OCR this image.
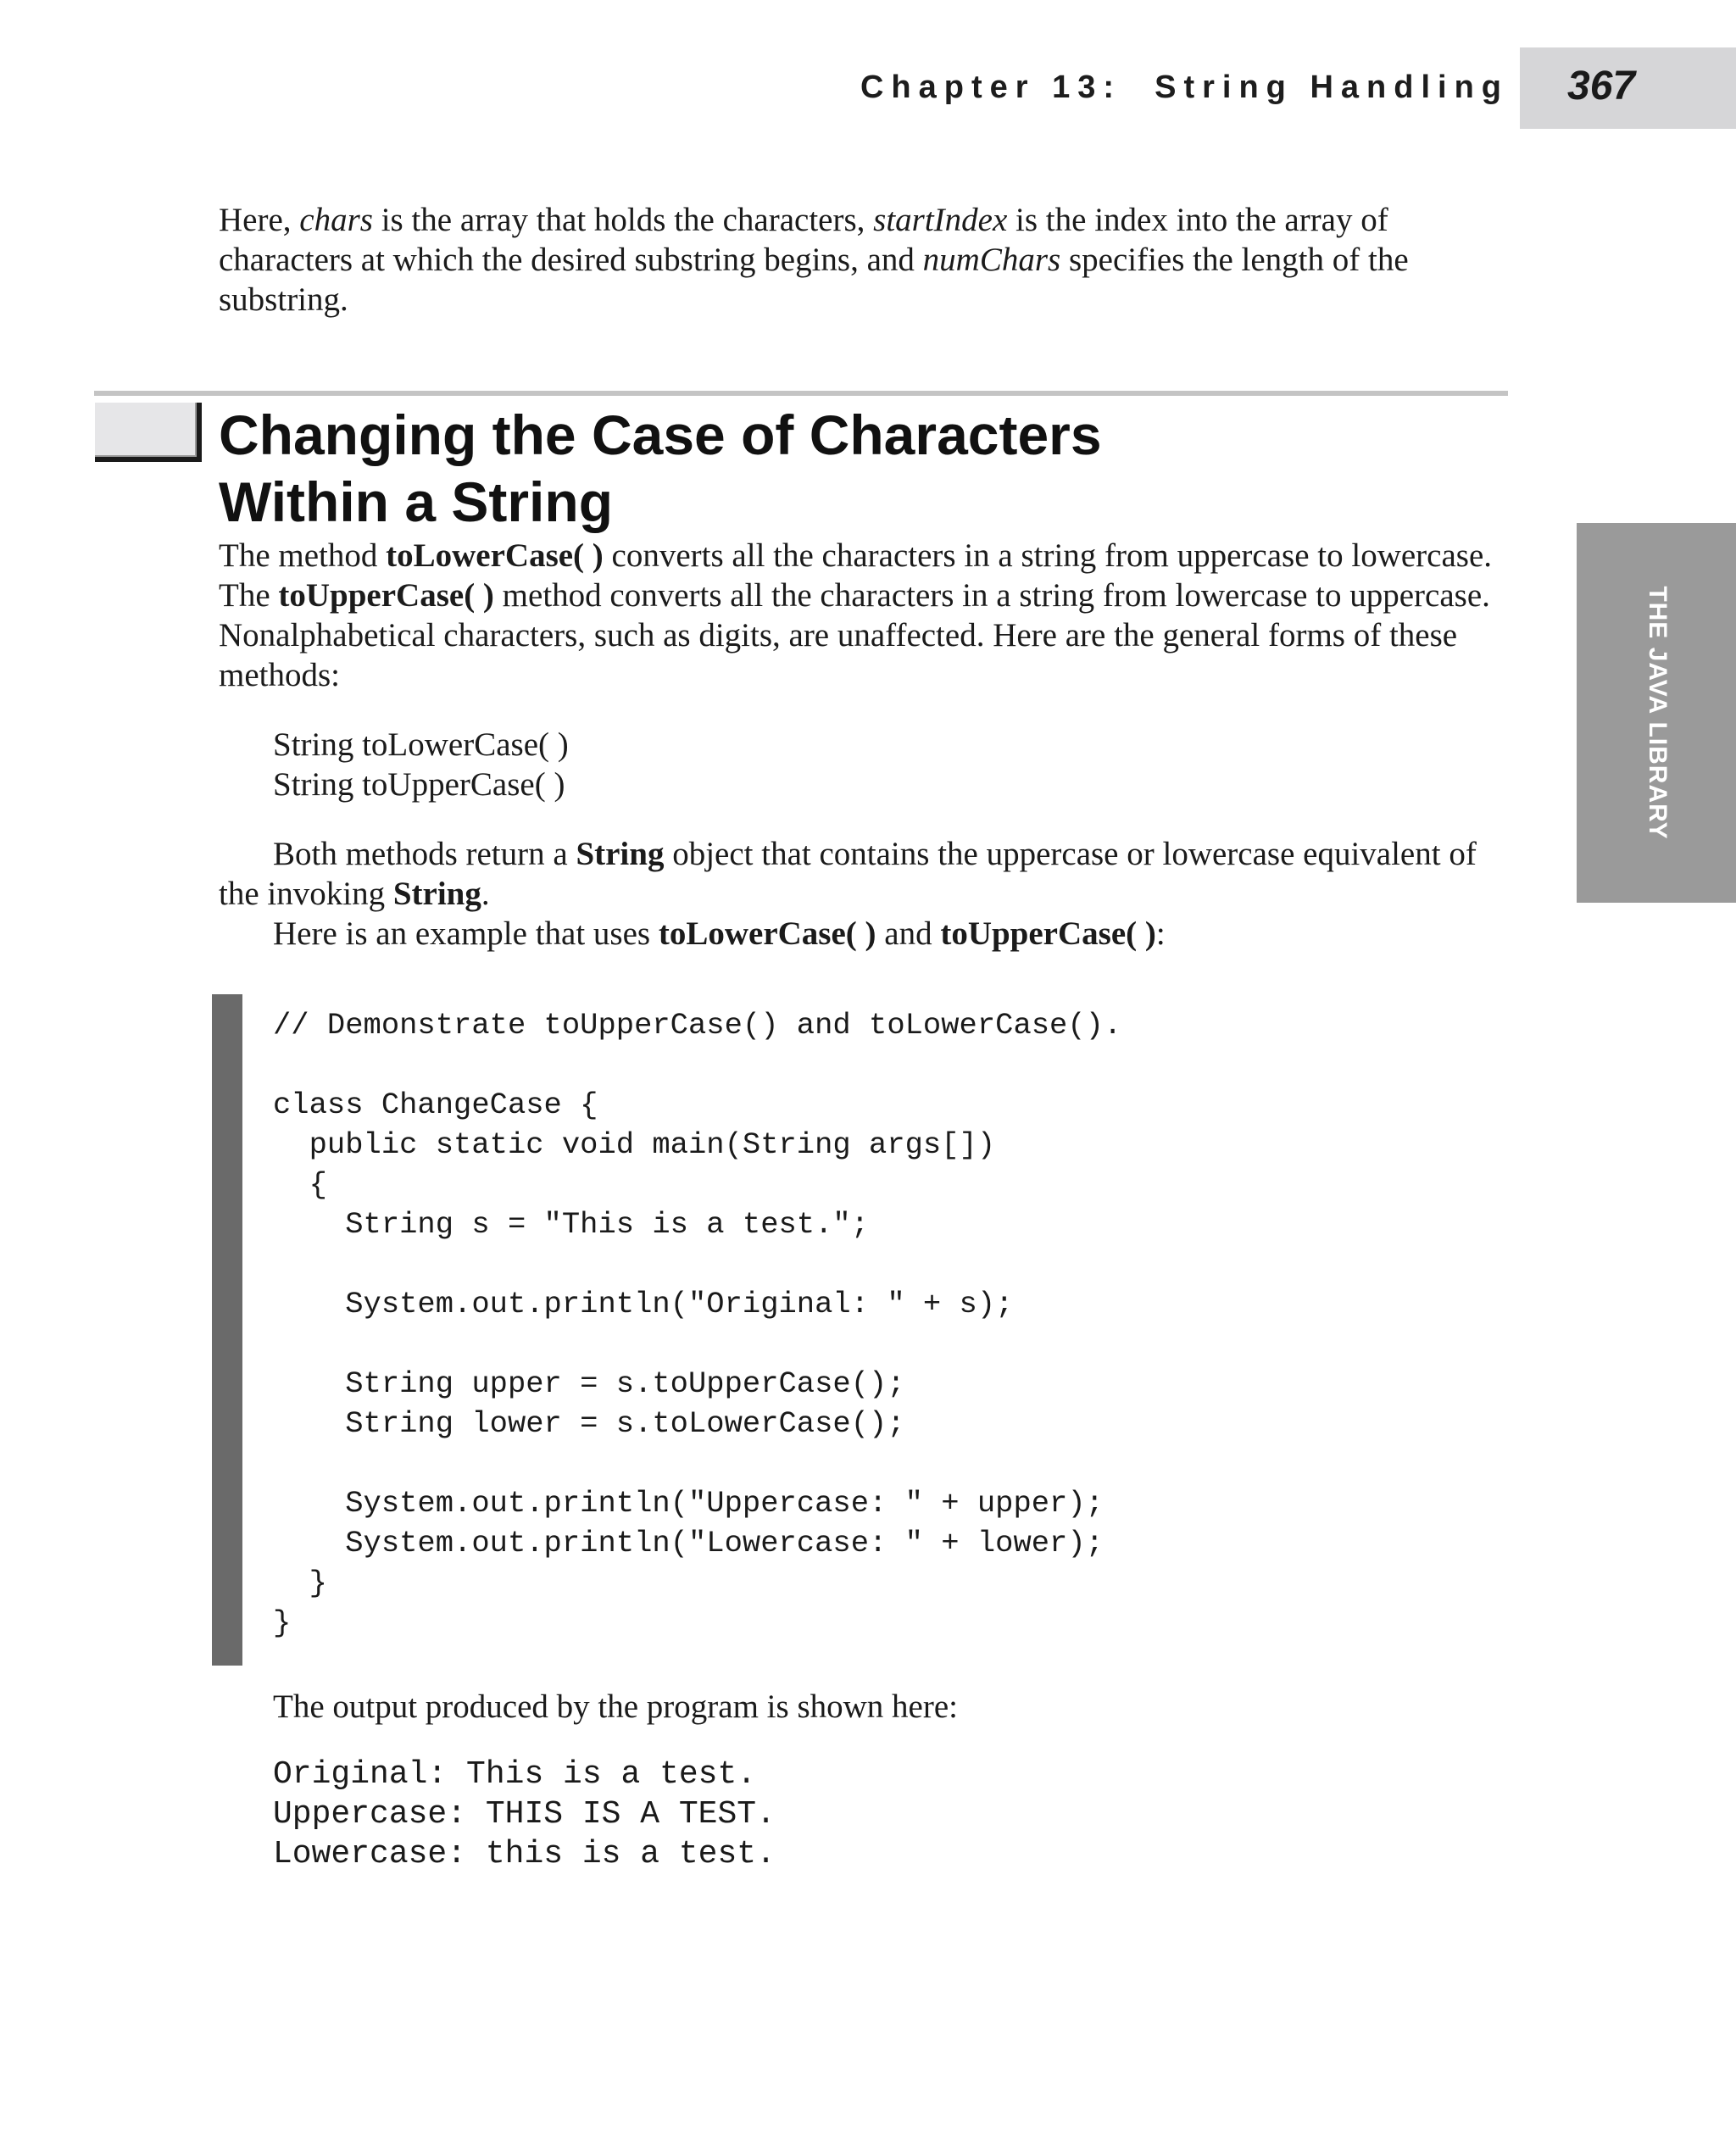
Chapter 13:  String Handling 367
THE JAVA LIBRARY

Here, chars is the array that holds the characters, startIndex is the index into the array of characters at which the desired substring begins, and numChars specifies the length of the substring.

Changing the Case of Characters
Within a String

The method toLowerCase( ) converts all the characters in a string from uppercase to lowercase. The toUpperCase( ) method converts all the characters in a string from lowercase to uppercase. Nonalphabetical characters, such as digits, are unaffected. Here are the general forms of these methods:

String toLowerCase( )
String toUpperCase( )

Both methods return a String object that contains the uppercase or lowercase equivalent of the invoking String.

Here is an example that uses toLowerCase( ) and toUpperCase( ):

// Demonstrate toUpperCase() and toLowerCase().
class ChangeCase {
public static void main(String args[])
{
String s = "This is a test.";
System.out.println("Original: " + s);
String upper = s.toUpperCase();
String lower = s.toLowerCase();
System.out.println("Uppercase: " + upper);
System.out.println("Lowercase: " + lower);
}
}

The output produced by the program is shown here:

Original: This is a test.
Uppercase: THIS IS A TEST.
Lowercase: this is a test.
